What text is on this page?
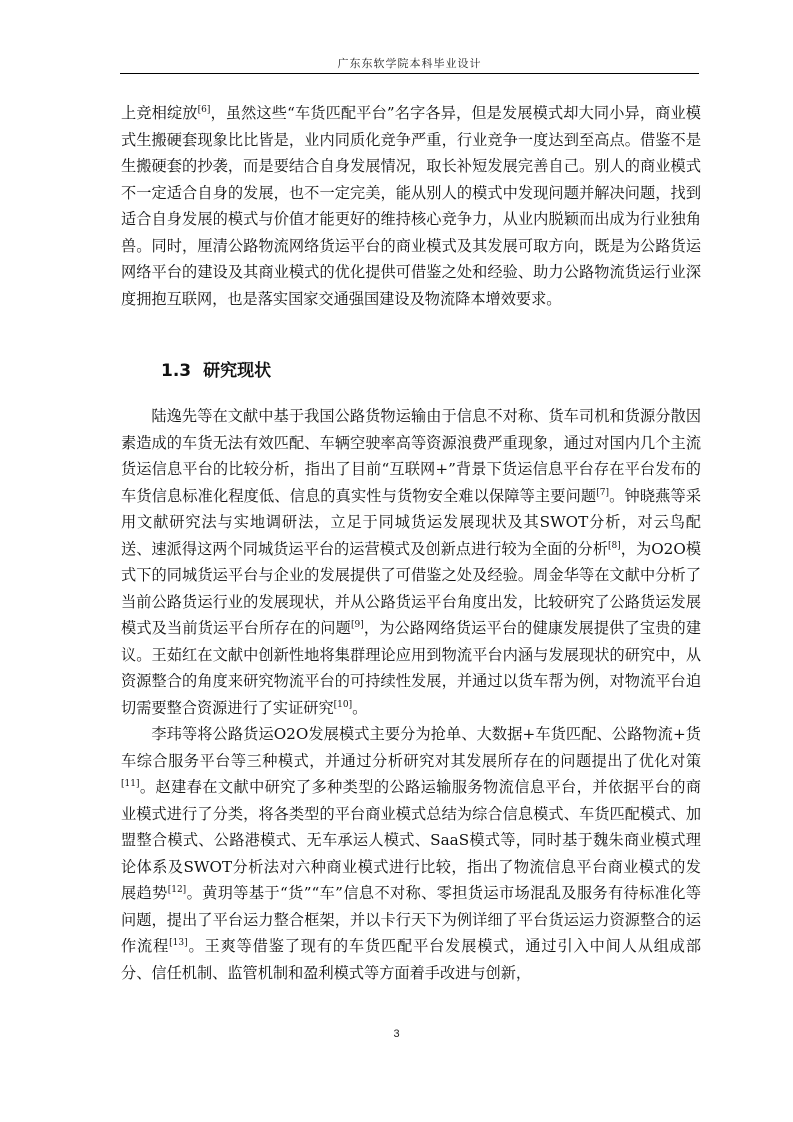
广东东软学院本科毕业设计

上竞相绽放[6]，虽然这些“车货匹配平台”名字各异，但是发展模式却大同小异，商业模式生搬硬套现象比比皆是，业内同质化竞争严重，行业竞争一度达到至高点。借鉴不是生搬硬套的抄袭，而是要结合自身发展情况，取长补短发展完善自己。别人的商业模式不一定适合自身的发展，也不一定完美，能从别人的模式中发现问题并解决问题，找到适合自身发展的模式与价值才能更好的维持核心竞争力，从业内脱颖而出成为行业独角兽。同时，厘清公路物流网络货运平台的商业模式及其发展可取方向，既是为公路货运网络平台的建设及其商业模式的优化提供可借鉴之处和经验、助力公路物流货运行业深度拥抱互联网，也是落实国家交通强国建设及物流降本增效要求。

1.3 研究现状

陆逸先等在文献中基于我国公路货物运输由于信息不对称、货车司机和货源分散因素造成的车货无法有效匹配、车辆空驶率高等资源浪费严重现象，通过对国内几个主流货运信息平台的比较分析，指出了目前“互联网+”背景下货运信息平台存在平台发布的车货信息标准化程度低、信息的真实性与货物安全难以保障等主要问题[7]。钟晓燕等采用文献研究法与实地调研法，立足于同城货运发展现状及其SWOT分析，对云鸟配送、速派得这两个同城货运平台的运营模式及创新点进行较为全面的分析[8]，为O2O模式下的同城货运平台与企业的发展提供了可借鉴之处及经验。周金华等在文献中分析了当前公路货运行业的发展现状，并从公路货运平台角度出发，比较研究了公路货运发展模式及当前货运平台所存在的问题[9]，为公路网络货运平台的健康发展提供了宝贵的建议。王茹红在文献中创新性地将集群理论应用到物流平台内涵与发展现状的研究中，从资源整合的角度来研究物流平台的可持续性发展，并通过以货车帮为例，对物流平台迫切需要整合资源进行了实证研究[10]。

李玮等将公路货运O2O发展模式主要分为抢单、大数据+车货匹配、公路物流+货车综合服务平台等三种模式，并通过分析研究对其发展所存在的问题提出了优化对策[11]。赵建春在文献中研究了多种类型的公路运输服务物流信息平台，并依据平台的商业模式进行了分类，将各类型的平台商业模式总结为综合信息模式、车货匹配模式、加盟整合模式、公路港模式、无车承运人模式、SaaS模式等，同时基于魏朱商业模式理论体系及SWOT分析法对六种商业模式进行比较，指出了物流信息平台商业模式的发展趋势[12]。黄玥等基于“货”“车”信息不对称、零担货运市场混乱及服务有待标准化等问题，提出了平台运力整合框架，并以卡行天下为例详细了平台货运运力资源整合的运作流程[13]。王爽等借鉴了现有的车货匹配平台发展模式，通过引入中间人从组成部分、信任机制、监管机制和盈利模式等方面着手改进与创新，

3
